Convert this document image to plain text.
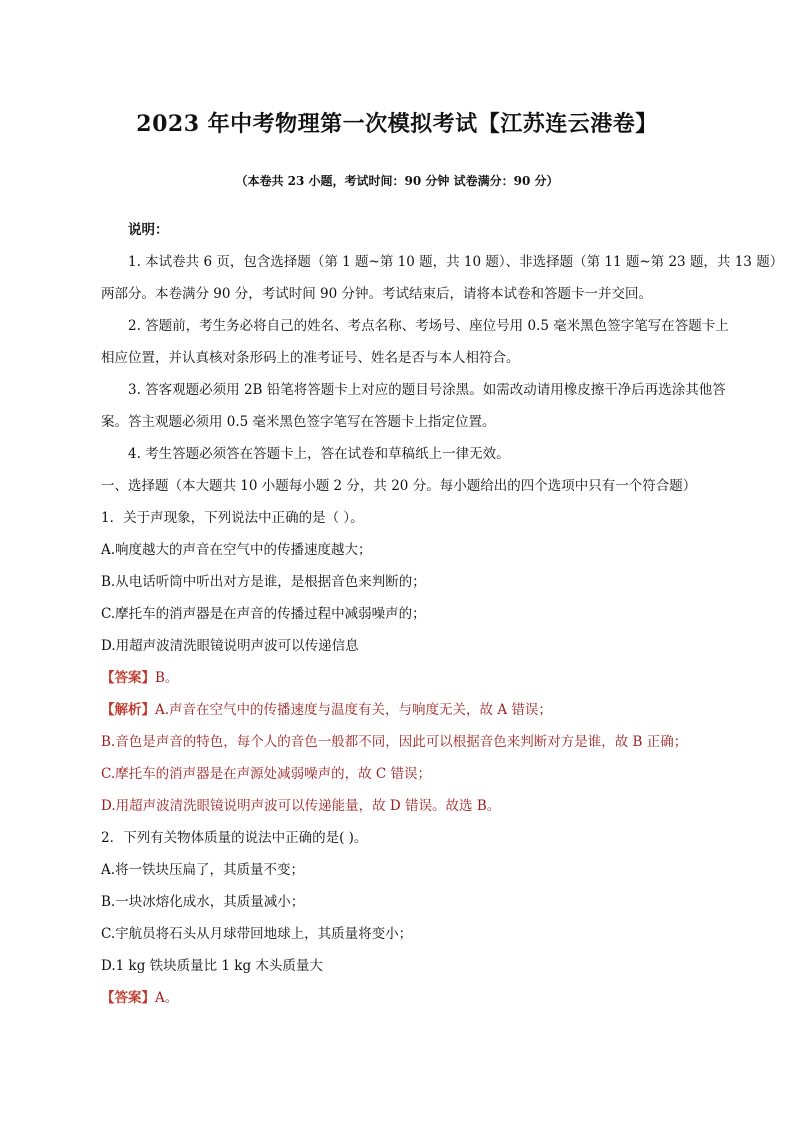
2023 年中考物理第一次模拟考试【江苏连云港卷】
（本卷共 23 小题，考试时间：90 分钟 试卷满分：90 分）
说明：
1. 本试卷共 6 页，包含选择题（第 1 题~第 10 题，共 10 题）、非选择题（第 11 题~第 23 题，共 13 题）
两部分。本卷满分 90 分，考试时间 90 分钟。考试结束后，请将本试卷和答题卡一并交回。
2. 答题前，考生务必将自己的姓名、考点名称、考场号、座位号用 0.5 毫米黑色签字笔写在答题卡上
相应位置，并认真核对条形码上的准考证号、姓名是否与本人相符合。
3. 答客观题必须用 2B 铅笔将答题卡上对应的题目号涂黑。如需改动请用橡皮擦干净后再选涂其他答
案。答主观题必须用 0.5 毫米黑色签字笔写在答题卡上指定位置。
4. 考生答题必须答在答题卡上，答在试卷和草稿纸上一律无效。
一、选择题（本大题共 10 小题每小题 2 分，共 20 分。每小题给出的四个选项中只有一个符合题）
1．关于声现象，下列说法中正确的是（ ）。
A.响度越大的声音在空气中的传播速度越大；
B.从电话听筒中听出对方是谁，是根据音色来判断的；
C.摩托车的消声器是在声音的传播过程中减弱噪声的；
D.用超声波清洗眼镜说明声波可以传递信息
【答案】B。
【解析】A.声音在空气中的传播速度与温度有关，与响度无关，故 A 错误；
B.音色是声音的特色，每个人的音色一般都不同，因此可以根据音色来判断对方是谁，故 B 正确；
C.摩托车的消声器是在声源处减弱噪声的，故 C 错误；
D.用超声波清洗眼镜说明声波可以传递能量，故 D 错误。故选 B。
2．下列有关物体质量的说法中正确的是( )。
A.将一铁块压扁了，其质量不变；
B.一块冰熔化成水，其质量减小；
C.宇航员将石头从月球带回地球上，其质量将变小；
D.1 kg 铁块质量比 1 kg 木头质量大
【答案】A。
